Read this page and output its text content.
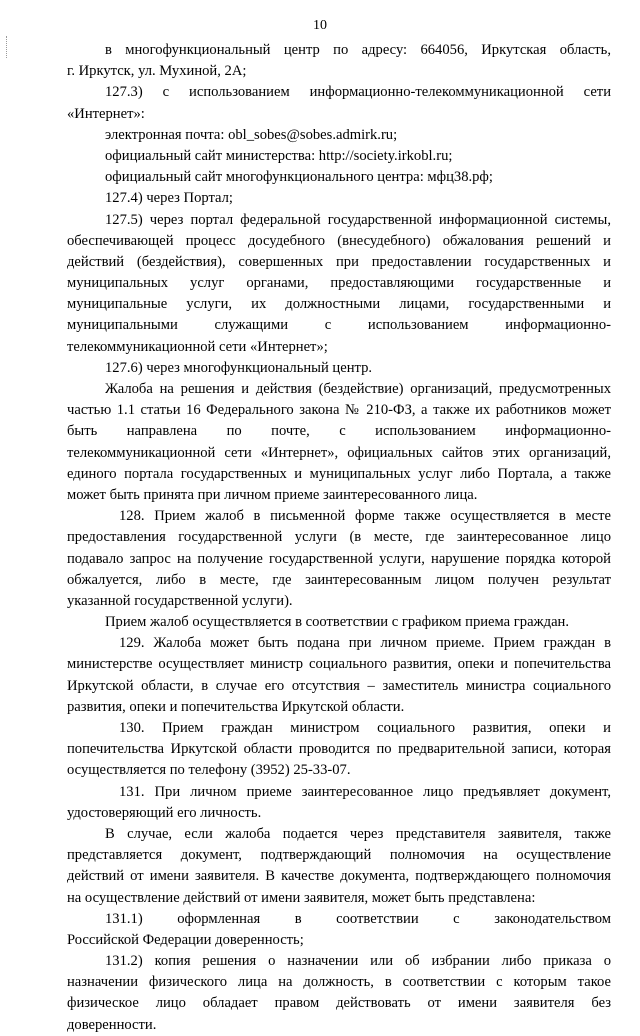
10
в многофункциональный центр по адресу: 664056, Иркутская область,
г. Иркутск, ул. Мухиной, 2А;
127.3) с использованием информационно-телекоммуникационной сети
«Интернет»:
электронная почта: obl_sobes@sobes.admirk.ru;
официальный сайт министерства: http://society.irkobl.ru;
официальный сайт многофункционального центра: мфц38.рф;
127.4) через Портал;
127.5) через портал федеральной государственной информационной системы,
обеспечивающей процесс досудебного (внесудебного) обжалования решений и
действий (бездействия), совершенных при предоставлении государственных и
муниципальных услуг органами, предоставляющими государственные и
муниципальные услуги, их должностными лицами, государственными и
муниципальными служащими с использованием информационно-
телекоммуникационной сети «Интернет»;
127.6) через многофункциональный центр.
Жалоба на решения и действия (бездействие) организаций, предусмотренных
частью 1.1 статьи 16 Федерального закона № 210-ФЗ, а также их работников может
быть направлена по почте, с использованием информационно-
телекоммуникационной сети «Интернет», официальных сайтов этих организаций,
единого портала государственных и муниципальных услуг либо Портала, а также
может быть принята при личном приеме заинтересованного лица.
128. Прием жалоб в письменной форме также осуществляется в месте
предоставления государственной услуги (в месте, где заинтересованное лицо
подавало запрос на получение государственной услуги, нарушение порядка которой
обжалуется, либо в месте, где заинтересованным лицом получен результат
указанной государственной услуги).
Прием жалоб осуществляется в соответствии с графиком приема граждан.
129. Жалоба может быть подана при личном приеме. Прием граждан в
министерстве осуществляет министр социального развития, опеки и попечительства
Иркутской области, в случае его отсутствия – заместитель министра социального
развития, опеки и попечительства Иркутской области.
130. Прием граждан министром социального развития, опеки и
попечительства Иркутской области проводится по предварительной записи, которая
осуществляется по телефону (3952) 25-33-07.
131. При личном приеме заинтересованное лицо предъявляет документ,
удостоверяющий его личность.
В случае, если жалоба подается через представителя заявителя, также
представляется документ, подтверждающий полномочия на осуществление
действий от имени заявителя. В качестве документа, подтверждающего полномочия
на осуществление действий от имени заявителя, может быть представлена:
131.1) оформленная в соответствии с законодательством
Российской Федерации доверенность;
131.2) копия решения о назначении или об избрании либо приказа о
назначении физического лица на должность, в соответствии с которым такое
физическое лицо обладает правом действовать от имени заявителя без
доверенности.
